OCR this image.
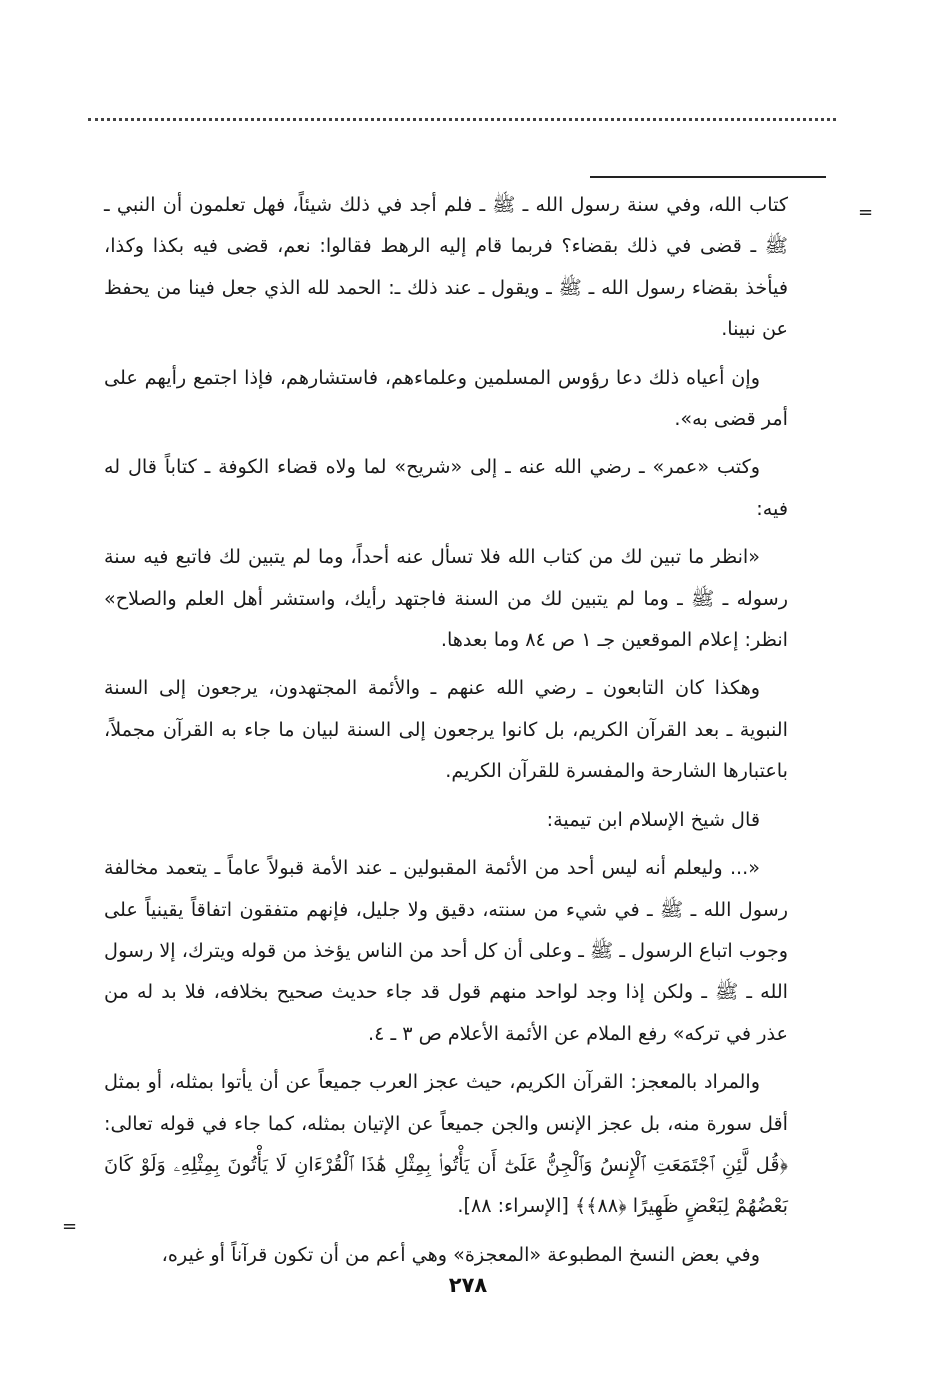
=

كتاب الله، وفي سنة رسول الله ـ ﷺ ـ فلم أجد في ذلك شيئاً، فهل تعلمون أن النبي ـ ﷺ ـ قضى في ذلك بقضاء؟ فربما قام إليه الرهط فقالوا: نعم، قضى فيه بكذا وكذا، فيأخذ بقضاء رسول الله ـ ﷺ ـ ويقول ـ عند ذلك ـ: الحمد لله الذي جعل فينا من يحفظ عن نبينا.

وإن أعياه ذلك دعا رؤوس المسلمين وعلماءهم، فاستشارهم، فإذا اجتمع رأيهم على أمر قضى به».

وكتب «عمر» ـ رضي الله عنه ـ إلى «شريح» لما ولاه قضاء الكوفة ـ كتاباً قال له فيه:

«انظر ما تبين لك من كتاب الله فلا تسأل عنه أحداً، وما لم يتبين لك فاتبع فيه سنة رسوله ـ ﷺ ـ وما لم يتبين لك من السنة فاجتهد رأيك، واستشر أهل العلم والصلاح» انظر: إعلام الموقعين جـ ١ ص ٨٤ وما بعدها.

وهكذا كان التابعون ـ رضي الله عنهم ـ والأئمة المجتهدون، يرجعون إلى السنة النبوية ـ بعد القرآن الكريم، بل كانوا يرجعون إلى السنة لبيان ما جاء به القرآن مجملاً، باعتبارها الشارحة والمفسرة للقرآن الكريم.

قال شيخ الإسلام ابن تيمية:

«... وليعلم أنه ليس أحد من الأئمة المقبولين ـ عند الأمة قبولاً عاماً ـ يتعمد مخالفة رسول الله ـ ﷺ ـ في شيء من سنته، دقيق ولا جليل، فإنهم متفقون اتفاقاً يقينياً على وجوب اتباع الرسول ـ ﷺ ـ وعلى أن كل أحد من الناس يؤخذ من قوله ويترك، إلا رسول الله ـ ﷺ ـ ولكن إذا وجد لواحد منهم قول قد جاء حديث صحيح بخلافه، فلا بد له من عذر في تركه» رفع الملام عن الأئمة الأعلام ص ٣ ـ ٤.

والمراد بالمعجز: القرآن الكريم، حيث عجز العرب جميعاً عن أن يأتوا بمثله، أو بمثل أقل سورة منه، بل عجز الإنس والجن جميعاً عن الإتيان بمثله، كما جاء في قوله تعالى: ﴿قُل لَّئِنِ ٱجْتَمَعَتِ ٱلْإِنسُ وَٱلْجِنُّ عَلَىٰٓ أَن يَأْتُوا۟ بِمِثْلِ هَٰذَا ٱلْقُرْءَانِ لَا يَأْتُونَ بِمِثْلِهِۦ وَلَوْ كَانَ بَعْضُهُمْ لِبَعْضٍ ظَهِيرًا ﴿٨٨﴾﴾ [الإسراء: ٨٨].

وفي بعض النسخ المطبوعة «المعجزة» وهي أعم من أن تكون قرآناً أو غيره،

=
٢٧٨
